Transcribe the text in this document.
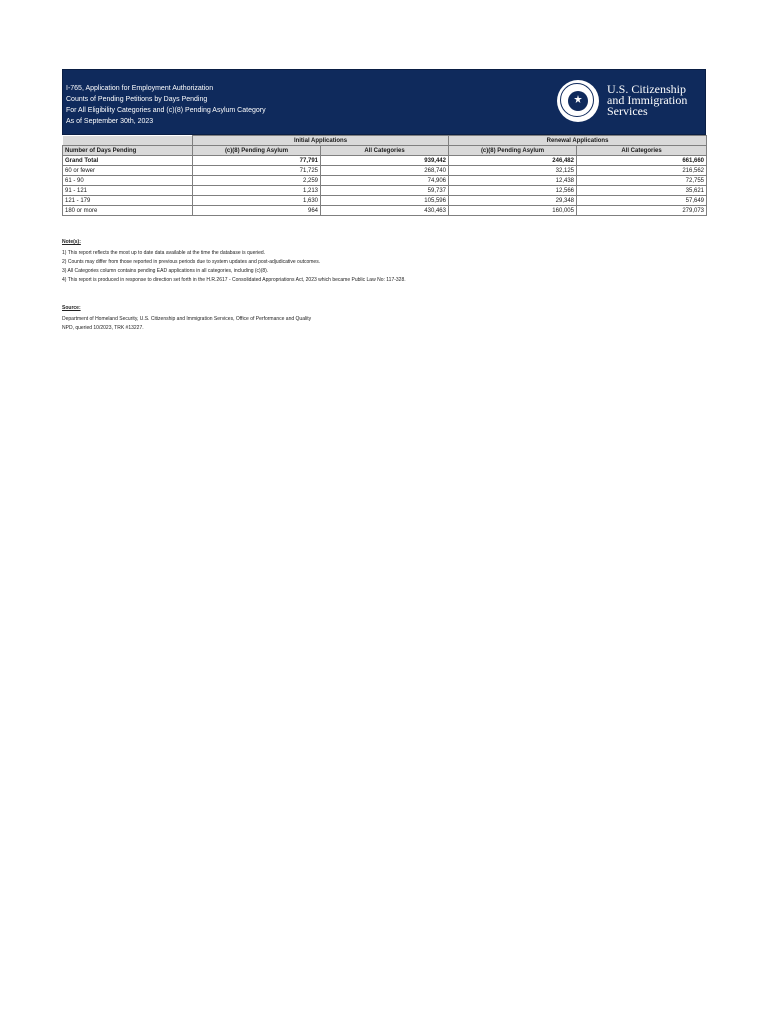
I-765, Application for Employment Authorization
Counts of Pending Petitions by Days Pending
For All Eligibility Categories and (c)(8) Pending Asylum Category
As of September 30th, 2023
U.S. Citizenship
and Immigration
Services
	Initial Applications		Renewal Applications	
Number of Days Pending	(c)(8) Pending Asylum	All Categories	(c)(8) Pending Asylum	All Categories
Grand Total	77,791	939,442	246,482	661,660
60 or fewer	71,725	268,740	32,125	216,562
61 - 90	2,259	74,906	12,438	72,755
91 - 121	1,213	59,737	12,566	35,621
121 - 179	1,630	105,596	29,348	57,649
180 or more	964	430,463	160,005	279,073
Note(s):
1) This report reflects the most up to date data available at the time the database is queried.
2) Counts may differ from those reported in previous periods due to system updates and post-adjudicative outcomes.
3) All Categories column contains pending EAD applications in all categories, including (c)(8).
4) This report is produced in response to direction set forth in the H.R.2617 - Consolidated Appropriations Act, 2023 which became Public Law No: 117-328.
Source:
Department of Homeland Security, U.S. Citizenship and Immigration Services, Office of Performance and Quality
NPD, queried 10/2023, TRK #13227.
